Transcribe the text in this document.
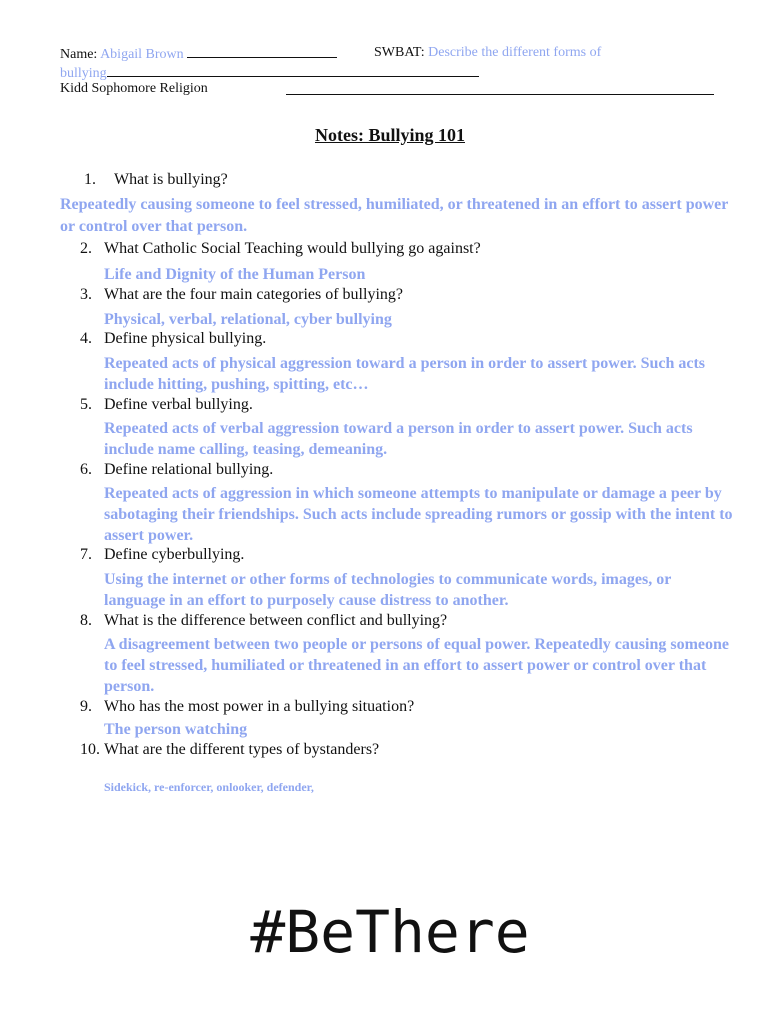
Name: Abigail Brown	SWBAT: Describe the different forms of
bullying
Kidd Sophomore Religion
Notes: Bullying 101
1. What is bullying?
Repeatedly causing someone to feel stressed, humiliated, or threatened in an effort to assert power or control over that person.
2. What Catholic Social Teaching would bullying go against?
Life and Dignity of the Human Person
3. What are the four main categories of bullying?
Physical, verbal, relational, cyber bullying
4. Define physical bullying.
Repeated acts of physical aggression toward a person in order to assert power. Such acts include hitting, pushing, spitting, etc…
5. Define verbal bullying.
Repeated acts of verbal aggression toward a person in order to assert power. Such acts include name calling, teasing, demeaning.
6. Define relational bullying.
Repeated acts of aggression in which someone attempts to manipulate or damage a peer by sabotaging their friendships. Such acts include spreading rumors or gossip with the intent to assert power.
7. Define cyberbullying.
Using the internet or other forms of technologies to communicate words, images, or language in an effort to purposely cause distress to another.
8. What is the difference between conflict and bullying?
A disagreement between two people or persons of equal power. Repeatedly causing someone to feel stressed, humiliated or threatened in an effort to assert power or control over that person.
9. Who has the most power in a bullying situation?
The person watching
10. What are the different types of bystanders?
Sidekick, re-enforcer, onlooker, defender,
#BeThere
